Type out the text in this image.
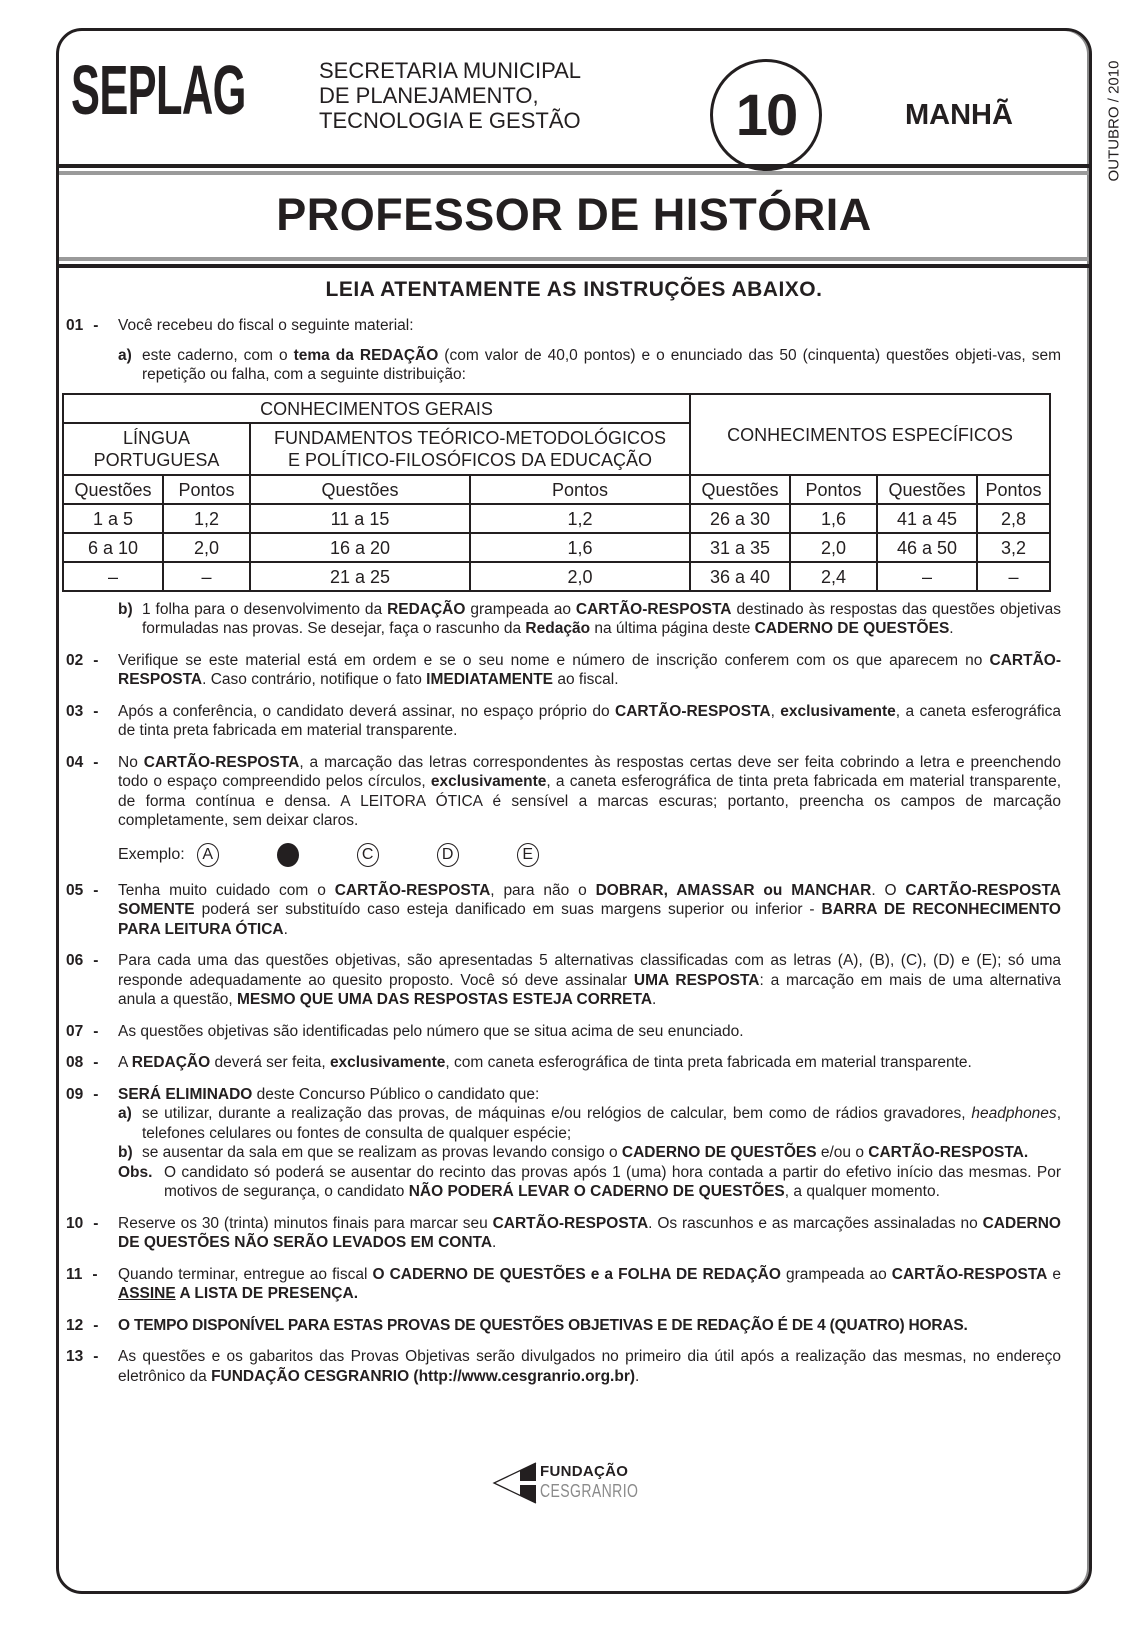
SEPLAG	SECRETARIA MUNICIPAL
DE PLANEJAMENTO,
TECNOLOGIA E GESTÃO	10	MANHÃ	OUTUBRO / 2010
PROFESSOR DE HISTÓRIA
LEIA ATENTAMENTE AS INSTRUÇÕES ABAIXO.
CONHECIMENTOS GERAIS				CONHECIMENTOS ESPECÍFICOS			
LÍNGUA PORTUGUESA		FUNDAMENTOS TEÓRICO-METODOLÓGICOS
E POLÍTICO-FILOSÓFICOS DA EDUCAÇÃO					

Questões	Pontos	Questões	Pontos	Questões	Pontos	Questões	Pontos
1 a 5	1,2	11 a 15	1,2	26 a 30	1,6	41 a 45	2,8
6 a 10	2,0	16 a 20	1,6	31 a 35	2,0	46 a 50	3,2
–	–	21 a 25	2,0	36 a 40	2,4	–	–
01 -	Você recebeu do fiscal o seguinte material:
a) este caderno, com o tema da REDAÇÃO (com valor de 40,0 pontos) e o enunciado das 50 (cinquenta) questões objeti-vas, sem repetição ou falha, com a seguinte distribuição:
b) 1 folha para o desenvolvimento da REDAÇÃO grampeada ao CARTÃO-RESPOSTA destinado às respostas das questões objetivas formuladas nas provas. Se desejar, faça o rascunho da Redação na última página deste CADERNO DE QUESTÕES.
02 -	Verifique se este material está em ordem e se o seu nome e número de inscrição conferem com os que aparecem no CARTÃO-RESPOSTA. Caso contrário, notifique o fato IMEDIATAMENTE ao fiscal.
03 -	Após a conferência, o candidato deverá assinar, no espaço próprio do CARTÃO-RESPOSTA, exclusivamente, a caneta esferográfica de tinta preta fabricada em material transparente.
04 -	No CARTÃO-RESPOSTA, a marcação das letras correspondentes às respostas certas deve ser feita cobrindo a letra e preenchendo todo o espaço compreendido pelos círculos, exclusivamente, a caneta esferográfica de tinta preta fabricada em material transparente, de forma contínua e densa. A LEITORA ÓTICA é sensível a marcas escuras; portanto, preencha os campos de marcação completamente, sem deixar claros.
Exemplo: A	C	D	E
05 -	Tenha muito cuidado com o CARTÃO-RESPOSTA, para não o DOBRAR, AMASSAR ou MANCHAR. O CARTÃO-RESPOSTA SOMENTE poderá ser substituído caso esteja danificado em suas margens superior ou inferior - BARRA DE RECONHECIMENTO PARA LEITURA ÓTICA.
06 -	Para cada uma das questões objetivas, são apresentadas 5 alternativas classificadas com as letras (A), (B), (C), (D) e (E); só uma responde adequadamente ao quesito proposto. Você só deve assinalar UMA RESPOSTA: a marcação em mais de uma alternativa anula a questão, MESMO QUE UMA DAS RESPOSTAS ESTEJA CORRETA.
07 -	As questões objetivas são identificadas pelo número que se situa acima de seu enunciado.
08 -	A REDAÇÃO deverá ser feita, exclusivamente, com caneta esferográfica de tinta preta fabricada em material transparente.
09 -	SERÁ ELIMINADO deste Concurso Público o candidato que:
a) se utilizar, durante a realização das provas, de máquinas e/ou relógios de calcular, bem como de rádios gravadores, headphones, telefones celulares ou fontes de consulta de qualquer espécie;
b) se ausentar da sala em que se realizam as provas levando consigo o CADERNO DE QUESTÕES e/ou o CARTÃO-RESPOSTA.
Obs. O candidato só poderá se ausentar do recinto das provas após 1 (uma) hora contada a partir do efetivo início das mesmas. Por motivos de segurança, o candidato NÃO PODERÁ LEVAR O CADERNO DE QUESTÕES, a qualquer momento.
10 -	Reserve os 30 (trinta) minutos finais para marcar seu CARTÃO-RESPOSTA. Os rascunhos e as marcações assinaladas no CADERNO DE QUESTÕES NÃO SERÃO LEVADOS EM CONTA.
11 -	Quando terminar, entregue ao fiscal O CADERNO DE QUESTÕES e a FOLHA DE REDAÇÃO grampeada ao CARTÃO-RESPOSTA e ASSINE A LISTA DE PRESENÇA.
12 -	O TEMPO DISPONÍVEL PARA ESTAS PROVAS DE QUESTÕES OBJETIVAS E DE REDAÇÃO É DE 4 (QUATRO) HORAS.
13 -	As questões e os gabaritos das Provas Objetivas serão divulgados no primeiro dia útil após a realização das mesmas, no endereço eletrônico da FUNDAÇÃO CESGRANRIO (http://www.cesgranrio.org.br).
FUNDAÇÃO
CESGRANRIO
